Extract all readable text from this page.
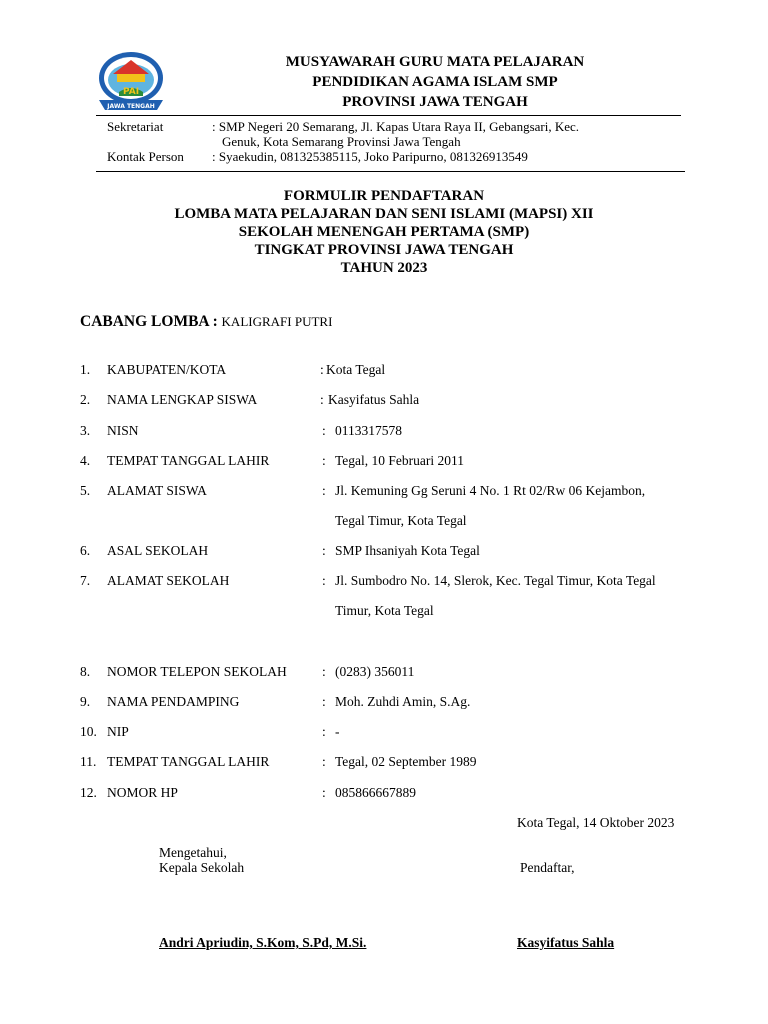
PAI
JAWA TENGAH
MUSYAWARAH GURU MATA PELAJARAN
PENDIDIKAN AGAMA ISLAM SMP
PROVINSI JAWA TENGAH
Sekretariat	: SMP Negeri 20 Semarang, Jl. Kapas Utara Raya II, Gebangsari, Kec.
Genuk, Kota Semarang Provinsi Jawa Tengah
Kontak Person : Syaekudin, 081325385115, Joko Paripurno, 081326913549
FORMULIR PENDAFTARAN
LOMBA MATA PELAJARAN DAN SENI ISLAMI (MAPSI) XII
SEKOLAH MENENGAH PERTAMA (SMP)
TINGKAT PROVINSI JAWA TENGAH
TAHUN 2023
CABANG LOMBA : KALIGRAFI PUTRI
1. KABUPATEN/KOTA	: Kota Tegal
2. NAMA LENGKAP SISWA	: Kasyifatus Sahla
3. NISN	: 0113317578
4. TEMPAT TANGGAL LAHIR	: Tegal, 10 Februari 2011
5. ALAMAT SISWA	: Jl. Kemuning Gg Seruni 4 No. 1 Rt 02/Rw 06 Kejambon,
Tegal Timur, Kota Tegal
6. ASAL SEKOLAH	: SMP Ihsaniyah Kota Tegal
7. ALAMAT SEKOLAH	: Jl. Sumbodro No. 14, Slerok, Kec. Tegal Timur, Kota Tegal
Timur, Kota Tegal
8. NOMOR TELEPON SEKOLAH	: (0283) 356011
9. NAMA PENDAMPING	: Moh. Zuhdi Amin, S.Ag.
10. NIP	: -
11. TEMPAT TANGGAL LAHIR	: Tegal, 02 September 1989
12. NOMOR HP	: 085866667889
Kota Tegal, 14 Oktober 2023
Mengetahui,
Kepala Sekolah	Pendaftar,
Andri Apriudin, S.Kom, S.Pd, M.Si.	Kasyifatus Sahla
